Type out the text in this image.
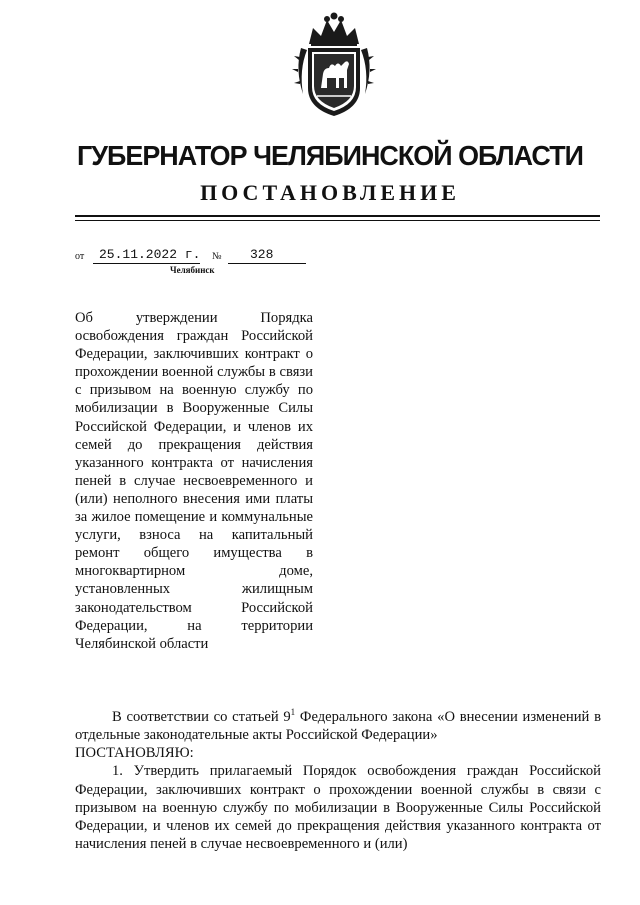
ГУБЕРНАТОР ЧЕЛЯБИНСКОЙ ОБЛАСТИ
ПОСТАНОВЛЕНИЕ
от 25.11.2022 г. № 328
Челябинск
Об утверждении Порядка освобождения граждан Российской Федерации, заключивших контракт о прохождении военной службы в связи с призывом на военную службу по мобилизации в Вооруженные Силы Российской Федерации, и членов их семей до прекращения действия указанного контракта от начисления пеней в случае несвоевременного и (или) неполного внесения ими платы за жилое помещение и коммунальные услуги, взноса на капитальный ремонт общего имущества в многоквартирном доме, установленных жилищным законодательством Российской Федерации, на территории Челябинской области

В соответствии со статьей $9^1$ Федерального закона «О внесении изменений в отдельные законодательные акты Российской Федерации»

ПОСТАНОВЛЯЮ:

1. Утвердить прилагаемый Порядок освобождения граждан Российской Федерации, заключивших контракт о прохождении военной службы в связи с призывом на военную службу по мобилизации в Вооруженные Силы Российской Федерации, и членов их семей до прекращения действия указанного контракта от начисления пеней в случае несвоевременного и (или)
